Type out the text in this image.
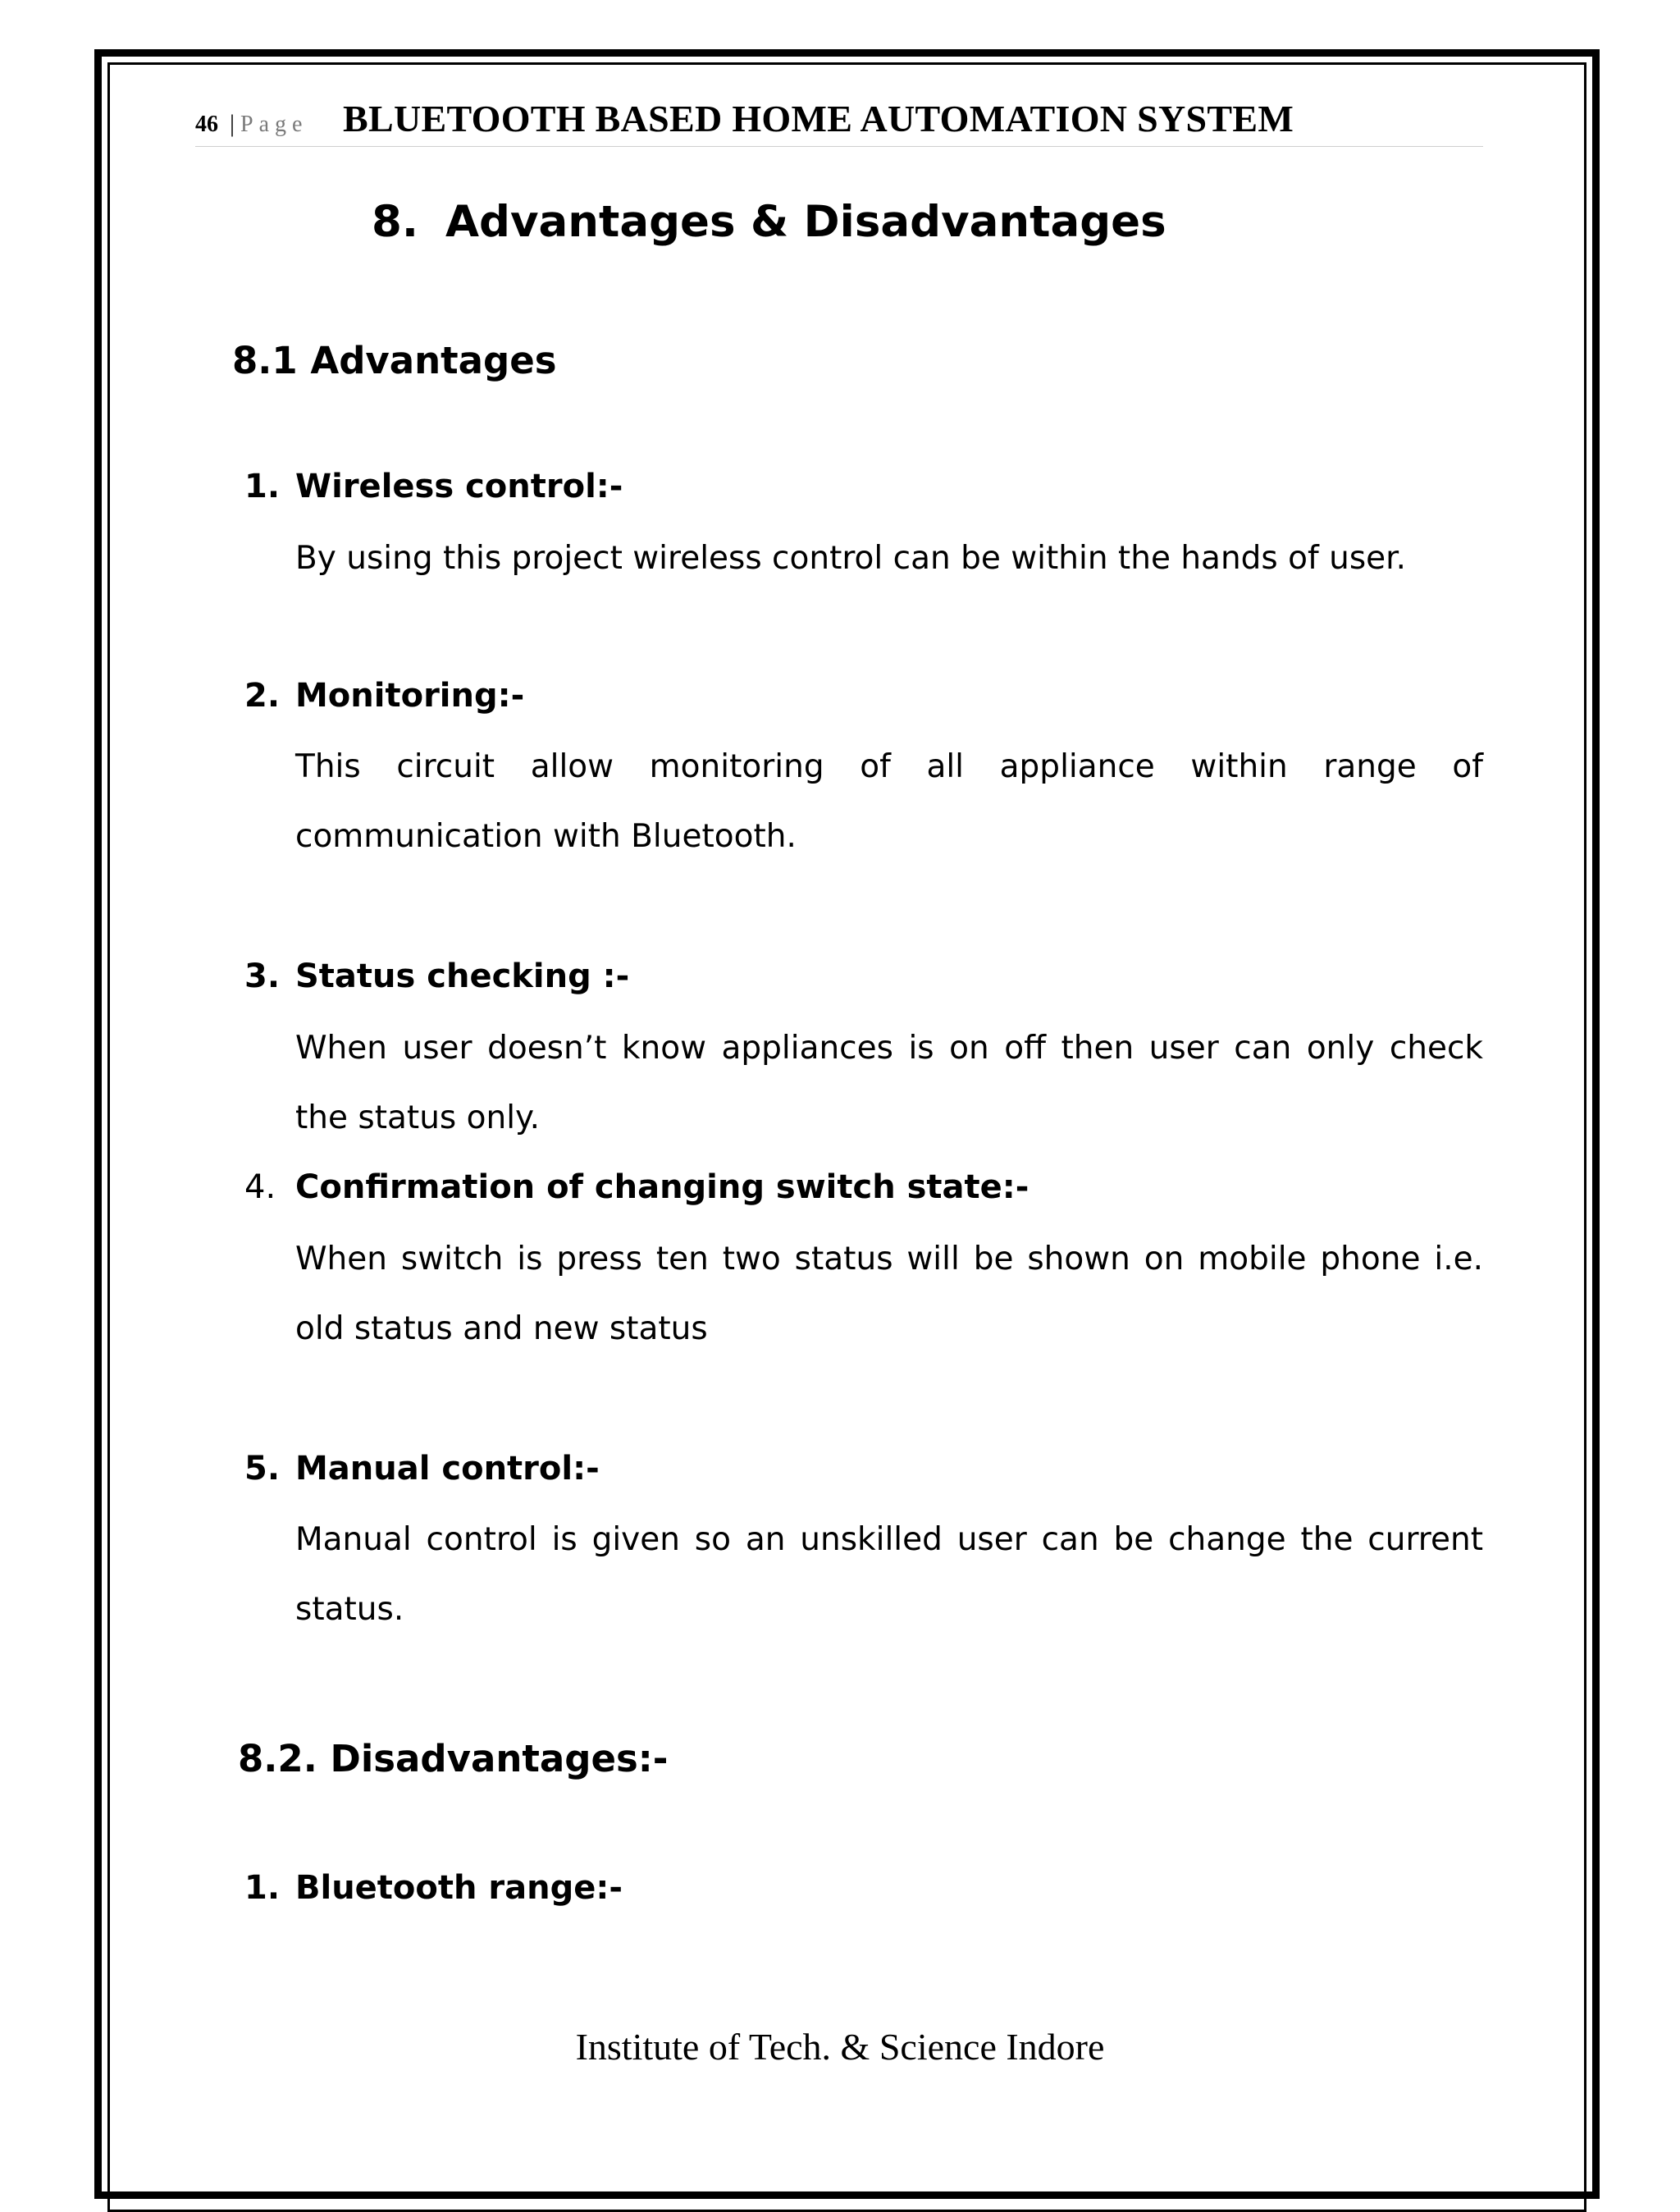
46 | Page BLUETOOTH BASED HOME AUTOMATION SYSTEM
8. Advantages & Disadvantages
8.1 Advantages
1. Wireless control:-
By using this project wireless control can be within the hands of user.
2. Monitoring:-
This circuit allow monitoring of all appliance within range of communication with Bluetooth.
3. Status checking :-
When user doesn’t know appliances is on off then user can only check the status only.
4. Confirmation of changing switch state:-
When switch is press ten two status will be shown on mobile phone i.e. old status and new status
5. Manual control:-
Manual control is given so an unskilled user can be change the current status.
8.2. Disadvantages:-
1. Bluetooth range:-
Institute of Tech. & Science Indore
